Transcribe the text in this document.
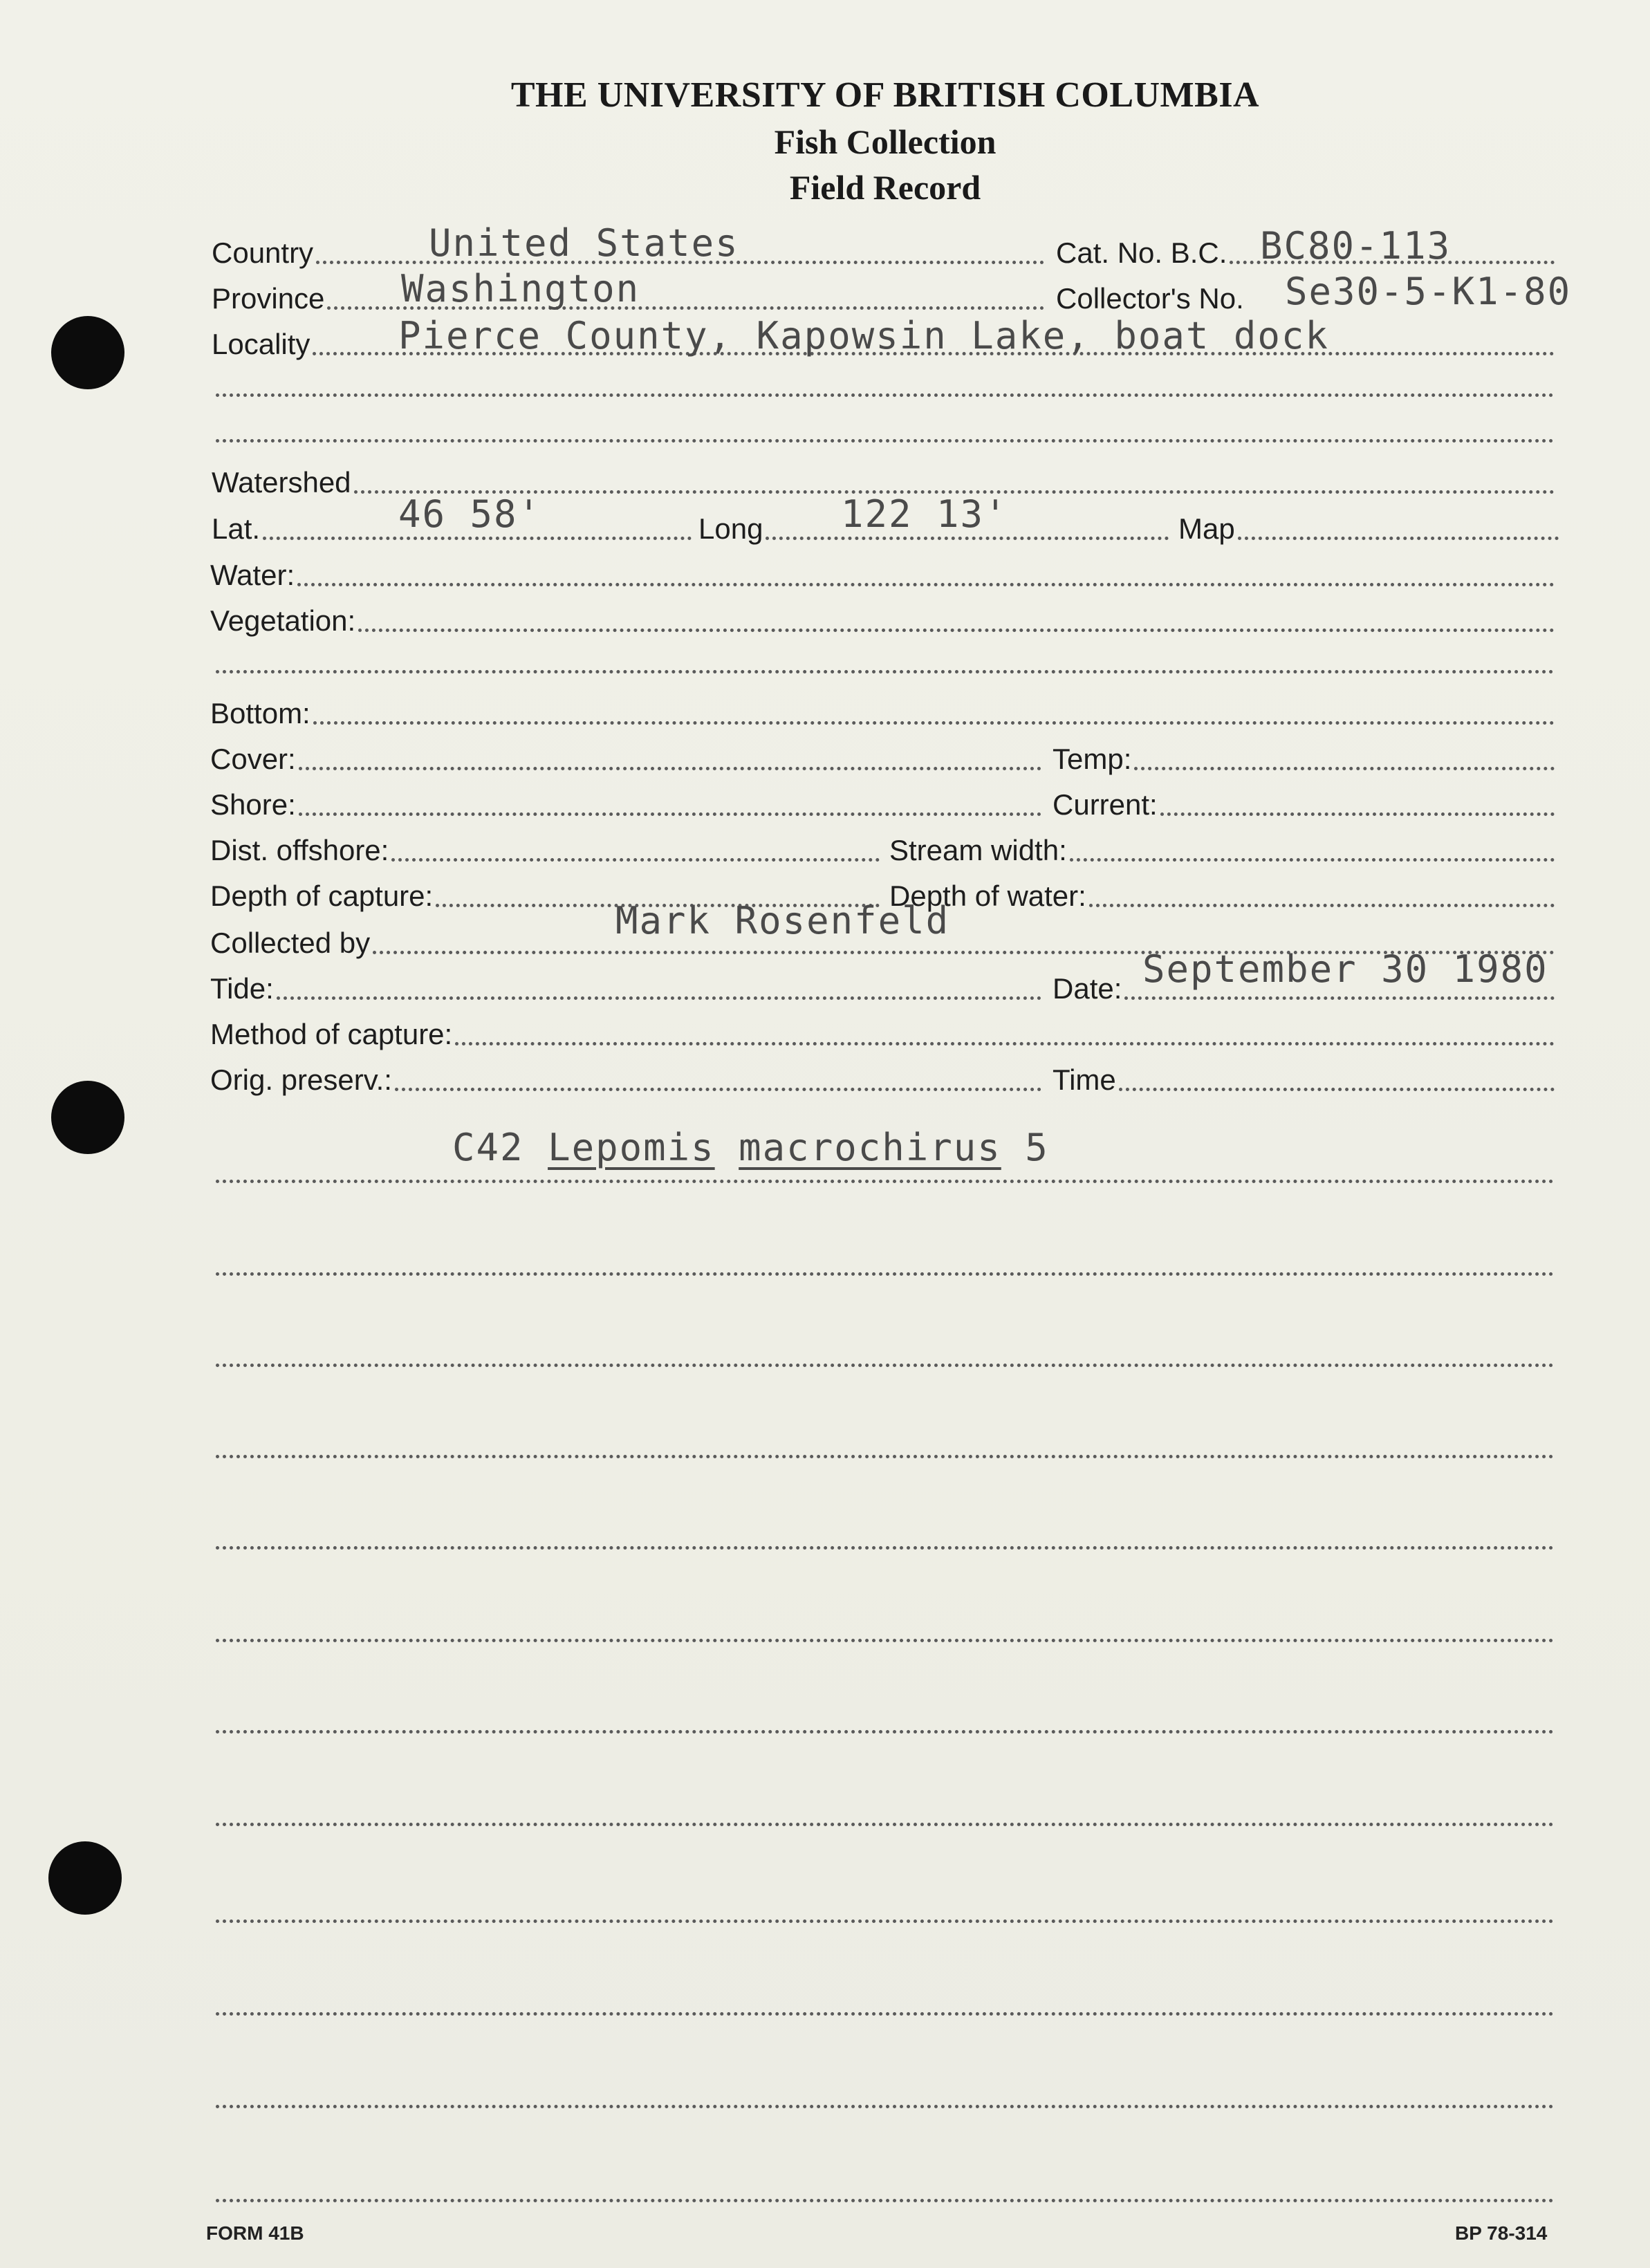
THE UNIVERSITY OF BRITISH COLUMBIA
Fish Collection
Field Record
Country	Cat. No. B.C.
United States	BC80-113
Province	Collector's No.
Washington	Se30-5-K1-80
Locality Pierce County, Kapowsin Lake, boat dock
Watershed
Lat.	Long	Map
46 58'	122 13'
Water:
Vegetation:
Bottom:
Cover:	Temp:
Shore:	Current:
Dist. offshore:	Stream width:
Depth of capture:	Depth of water:
Collected by
Mark Rosenfeld
Tide:	Date: September 30 1980
Method of capture:
Orig. preserv.:	Time
C42 Lepomis macrochirus 5
FORM 41B	BP 78-314
